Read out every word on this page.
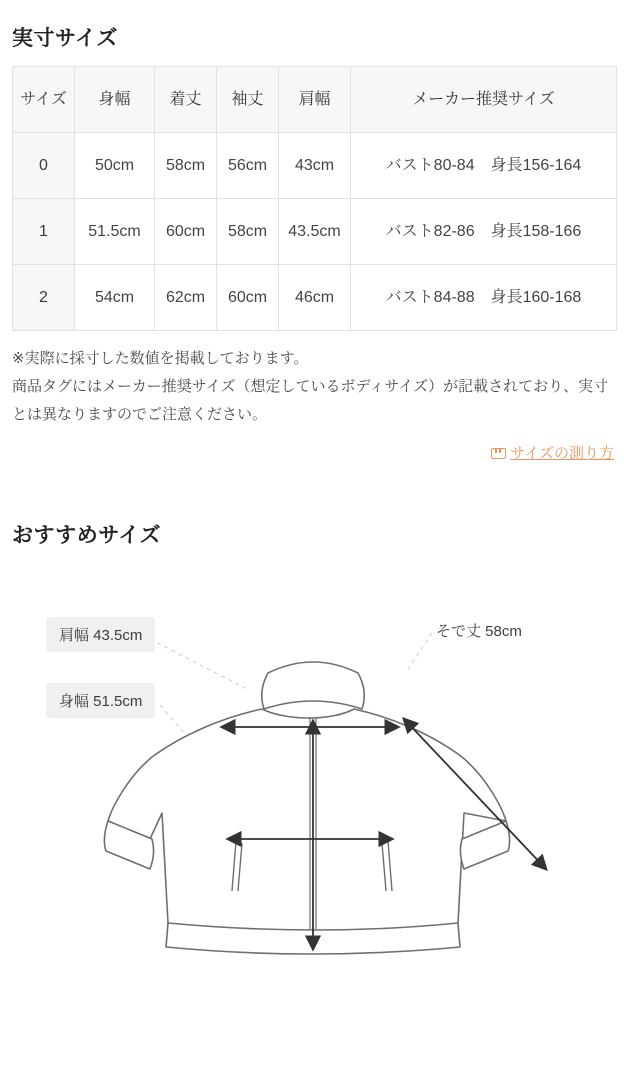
実寸サイズ
サイズ	身幅	着丈	袖丈	肩幅	メーカー推奨サイズ
0	50cm	58cm	56cm	43cm	バスト80-84　身長156-164
1	51.5cm	60cm	58cm	43.5cm	バスト82-86　身長158-166
2	54cm	62cm	60cm	46cm	バスト84-88　身長160-168

※実際に採寸した数値を掲載しております。

商品タグにはメーカー推奨サイズ（想定しているボディサイズ）が記載されており、実寸とは異なりますのでご注意ください。

サイズの測り方
おすすめサイズ
肩幅 43.5cm
身幅 51.5cm
そで丈 58cm
